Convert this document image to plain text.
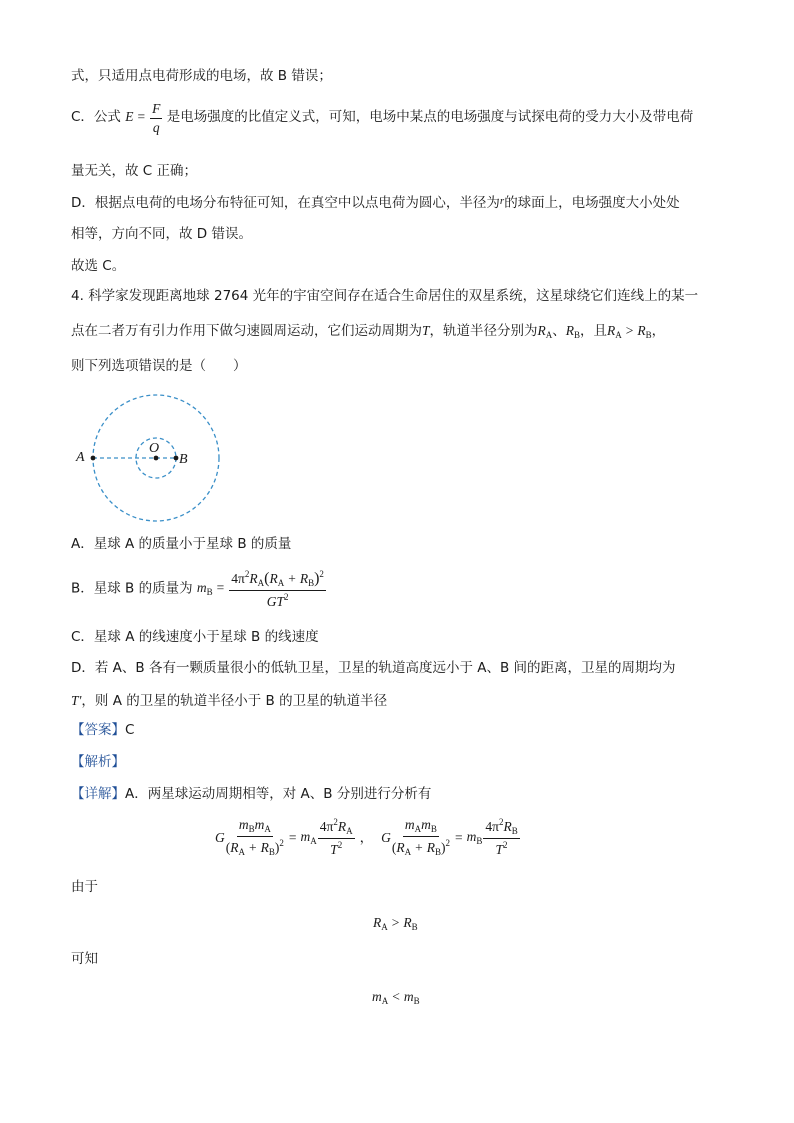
式，只适用点电荷形成的电场，故 B 错误；
C．公式 $E = \frac{F}{q}$ 是电场强度的比值定义式，可知，电场中某点的电场强度与试探电荷的受力大小及带电荷
量无关，故 C 正确；
D．根据点电荷的电场分布特征可知，在真空中以点电荷为圆心，半径为$^r$的球面上，电场强度大小处处
相等，方向不同，故 D 错误。
故选 C。
4. 科学家发现距离地球 2764 光年的宇宙空间存在适合生命居住的双星系统，这星球绕它们连线上的某一
点在二者万有引力作用下做匀速圆周运动，它们运动周期为T，轨道半径分别为$R_A$、$R_B$，且$R_A > R_B$，
则下列选项错误的是（　　）
A
O
B
A．星球 A 的质量小于星球 B 的质量
B．星球 B 的质量为 $m_B = \frac{4\pi^2R_A(R_A + R_B)^2}{GT^2}$
C．星球 A 的线速度小于星球 B 的线速度
D．若 A、B 各有一颗质量很小的低轨卫星，卫星的轨道高度远小于 A、B 间的距离，卫星的周期均为
T'，则 A 的卫星的轨道半径小于 B 的卫星的轨道半径
【答案】C
【解析】
【详解】A．两星球运动周期相等，对 A、B 分别进行分析有
G $\frac{m_Bm_A}{(R_A + R_B)^2} = m_A \frac{4\pi^2R_A}{T^2}$ ， G $\frac{m_Am_B}{(R_A + R_B)^2} = m_B \frac{4\pi^2R_B}{T^2}$
由于
$R_A > R_B$
可知
$m_A < m_B$
